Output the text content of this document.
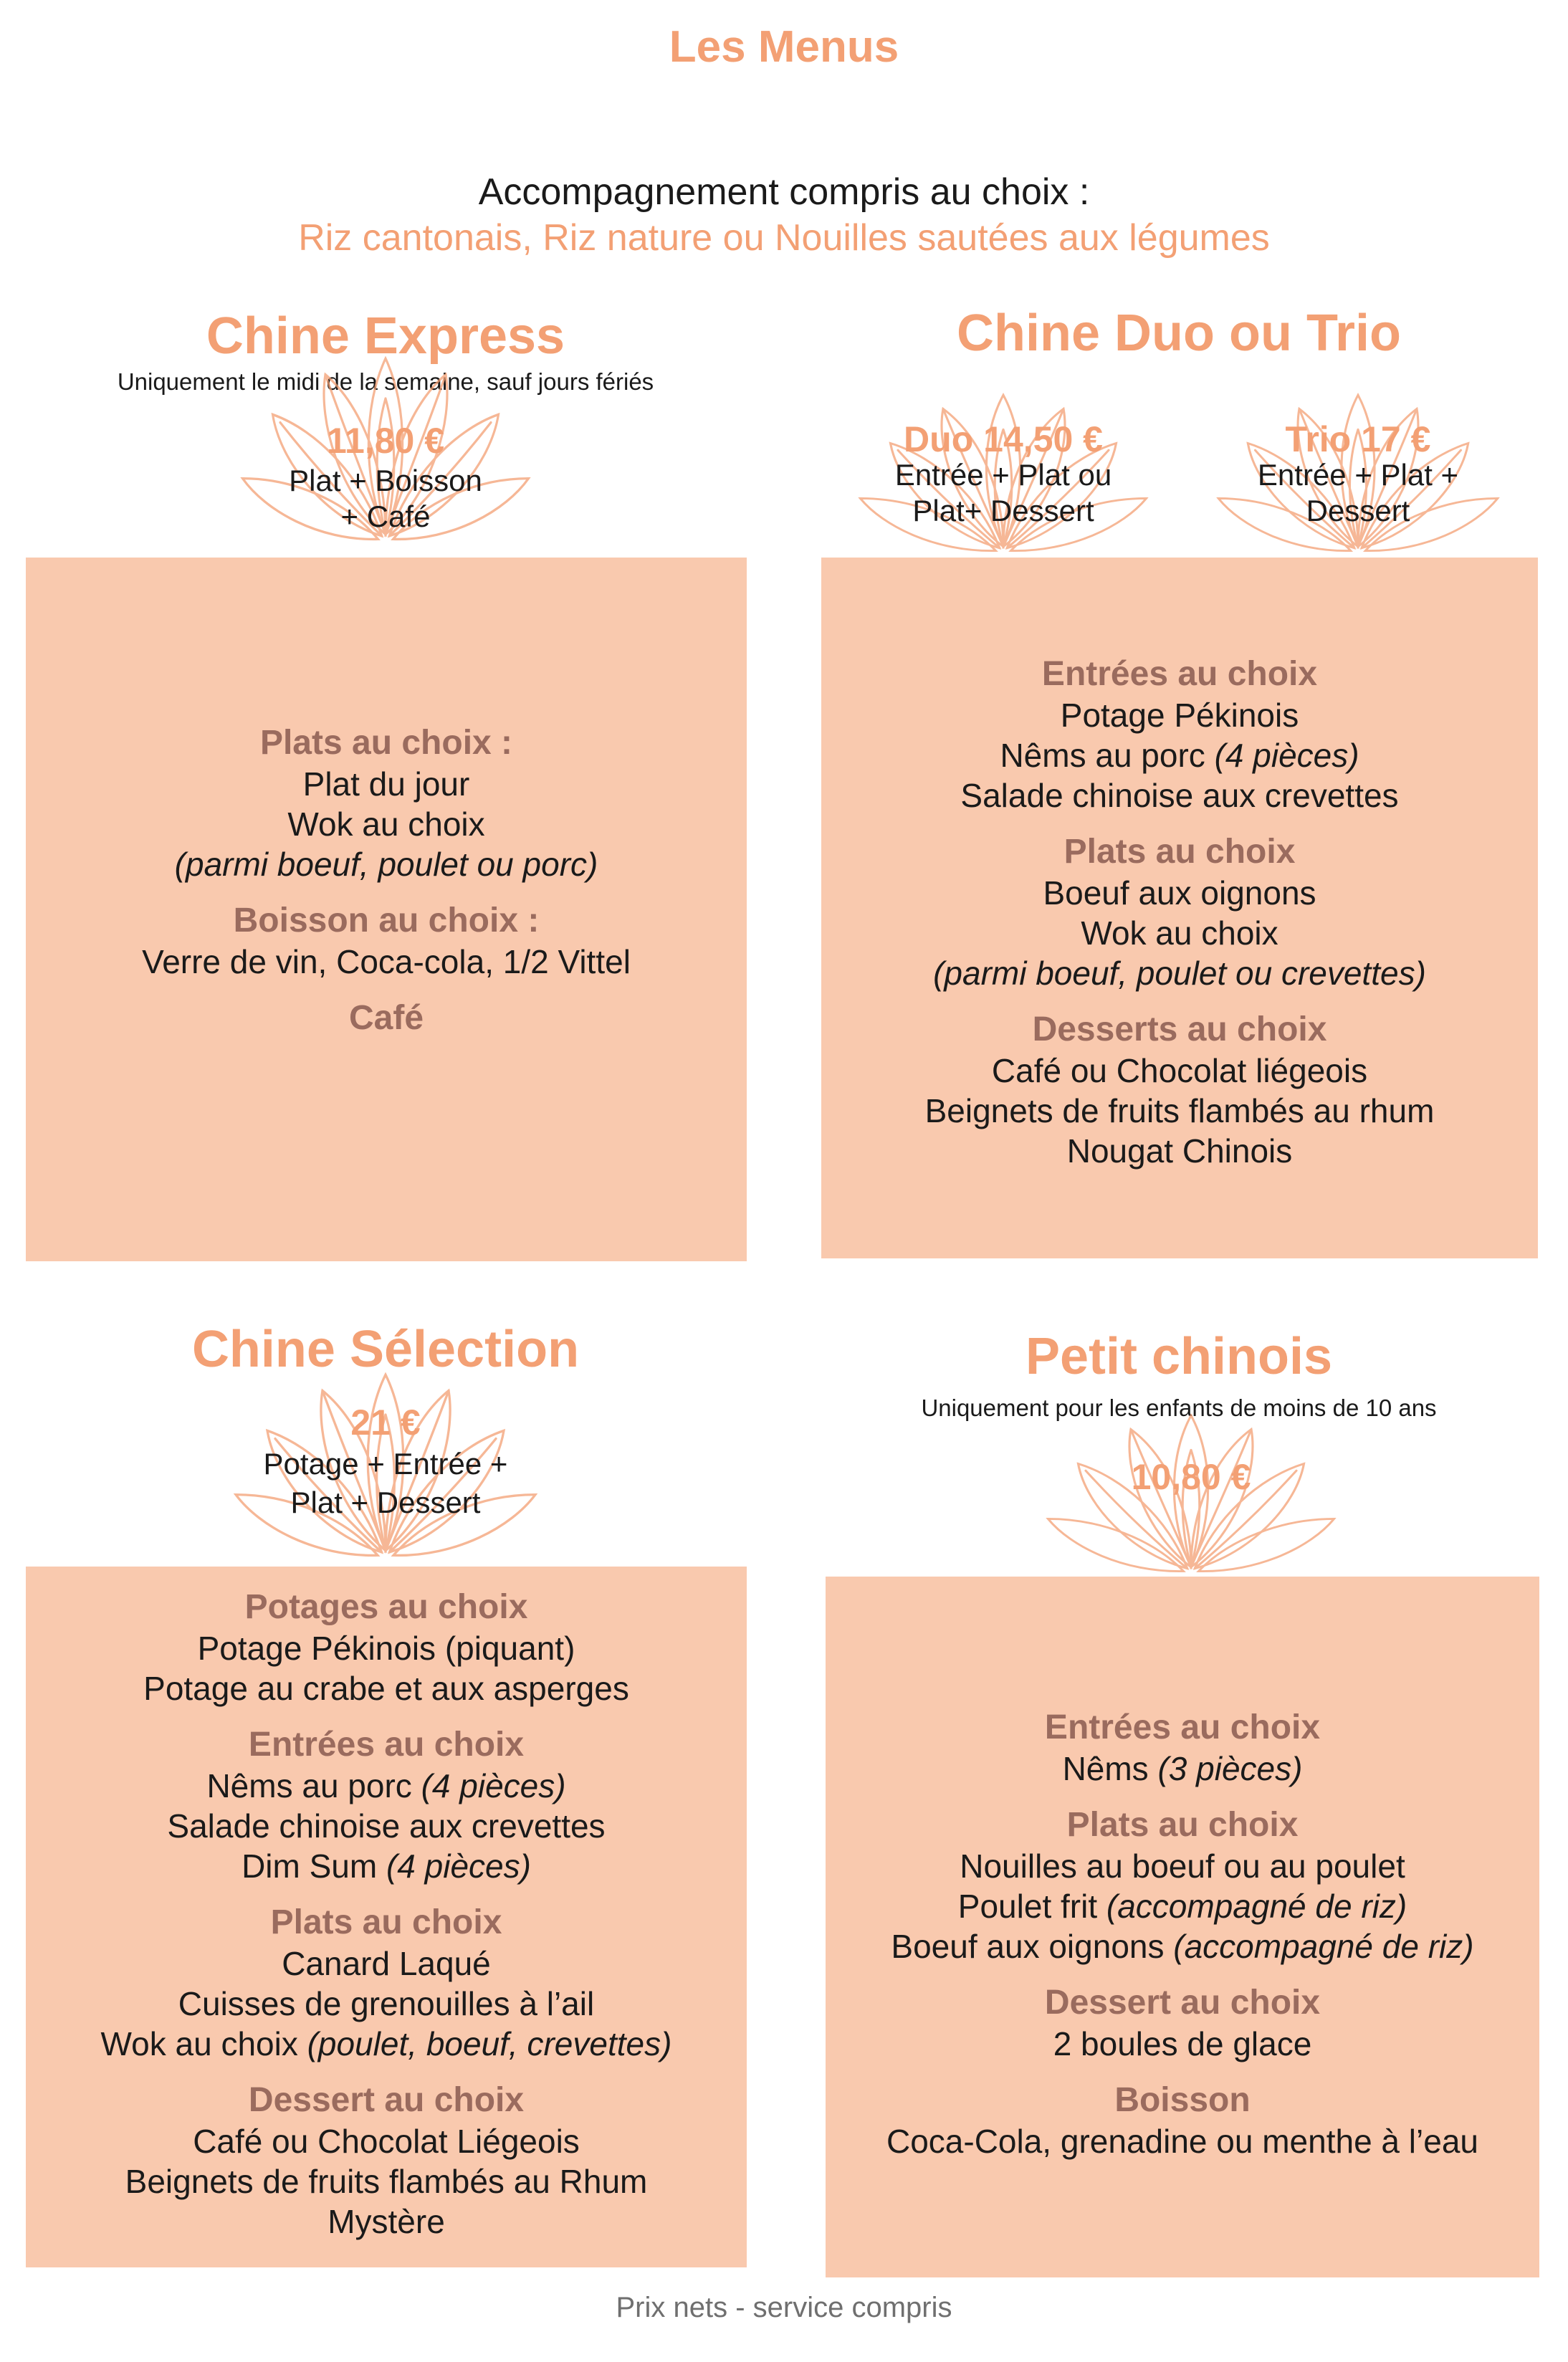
Les Menus
Accompagnement compris au choix :
Riz cantonais, Riz nature ou Nouilles sautées aux légumes
Chine Express
Uniquement le midi de la semaine, sauf jours fériés
11,80 €
Plat + Boisson
+ Café
Plats au choix :
Plat du jour
Wok au choix
(parmi boeuf, poulet ou porc)
Boisson au choix :
Verre de vin, Coca-cola, 1/2 Vittel
Café
Chine Duo ou Trio
Duo 14,50 €
Entrée + Plat ou
Plat+ Dessert
Trio 17 €
Entrée + Plat +
Dessert
Entrées au choix
Potage Pékinois
Nêms au porc (4 pièces)
Salade chinoise aux crevettes
Plats au choix
Boeuf aux oignons
Wok au choix
(parmi boeuf, poulet ou crevettes)
Desserts au choix
Café ou Chocolat liégeois
Beignets de fruits flambés au rhum
Nougat Chinois
Chine Sélection
21 €
Potage + Entrée +
Plat + Dessert
Potages au choix
Potage Pékinois (piquant)
Potage au crabe et aux asperges
Entrées au choix
Nêms au porc (4 pièces)
Salade chinoise aux crevettes
Dim Sum (4 pièces)
Plats au choix
Canard Laqué
Cuisses de grenouilles à l’ail
Wok au choix (poulet, boeuf, crevettes)
Dessert au choix
Café ou Chocolat Liégeois
Beignets de fruits flambés au Rhum
Mystère
Petit chinois
Uniquement pour les enfants de moins de 10 ans
10,80 €
Entrées au choix
Nêms (3 pièces)
Plats au choix
Nouilles au boeuf ou au poulet
Poulet frit (accompagné de riz)
Boeuf aux oignons (accompagné de riz)
Dessert au choix
2 boules de glace
Boisson
Coca-Cola, grenadine ou menthe à l’eau
Prix nets - service compris
